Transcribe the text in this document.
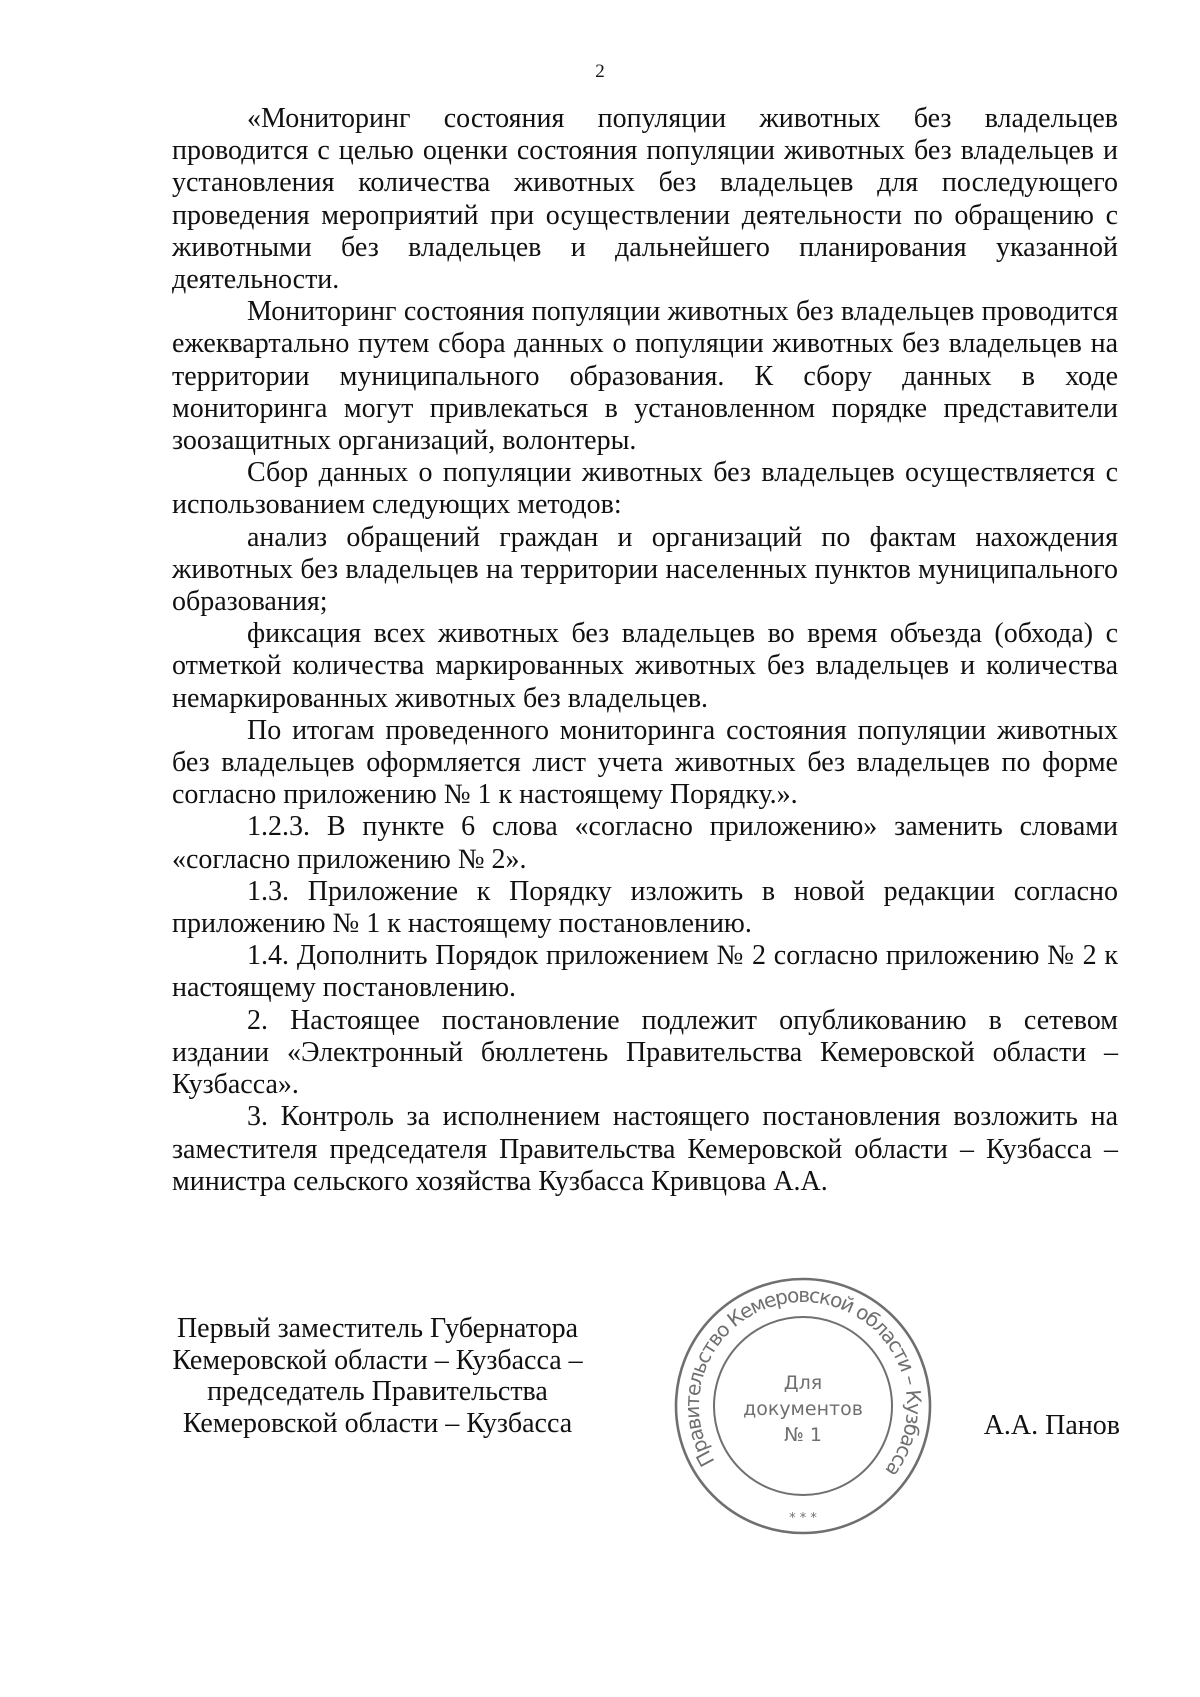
2

«Мониторинг состояния популяции животных без владельцев проводится с целью оценки состояния популяции животных без владельцев и установления количества животных без владельцев для последующего проведения мероприятий при осуществлении деятельности по обращению с животными без владельцев и дальнейшего планирования указанной деятельности.

Мониторинг состояния популяции животных без владельцев проводится ежеквартально путем сбора данных о популяции животных без владельцев на территории муниципального образования. К сбору данных в ходе мониторинга могут привлекаться в установленном порядке представители зоозащитных организаций, волонтеры.

Сбор данных о популяции животных без владельцев осуществляется с использованием следующих методов:

анализ обращений граждан и организаций по фактам нахождения животных без владельцев на территории населенных пунктов муниципального образования;

фиксация всех животных без владельцев во время объезда (обхода) с отметкой количества маркированных животных без владельцев и количества немаркированных животных без владельцев.

По итогам проведенного мониторинга состояния популяции животных без владельцев оформляется лист учета животных без владельцев по форме согласно приложению № 1 к настоящему Порядку.».

1.2.3. В пункте 6 слова «согласно приложению» заменить словами «согласно приложению № 2».

1.3. Приложение к Порядку изложить в новой редакции согласно приложению № 1 к настоящему постановлению.

1.4. Дополнить Порядок приложением № 2 согласно приложению № 2 к настоящему постановлению.

2. Настоящее постановление подлежит опубликованию в сетевом издании «Электронный бюллетень Правительства Кемеровской области – Кузбасса».

3. Контроль за исполнением настоящего постановления возложить на заместителя председателя Правительства Кемеровской области – Кузбасса – министра сельского хозяйства Кузбасса Кривцова А.А.

Первый заместитель Губернатора
Кемеровской области – Кузбасса –
председатель Правительства
Кемеровской области – Кузбасса
Правительство Кемеровской области – Кузбасса
* * *
Для
документов
№ 1	А.А. Панов
